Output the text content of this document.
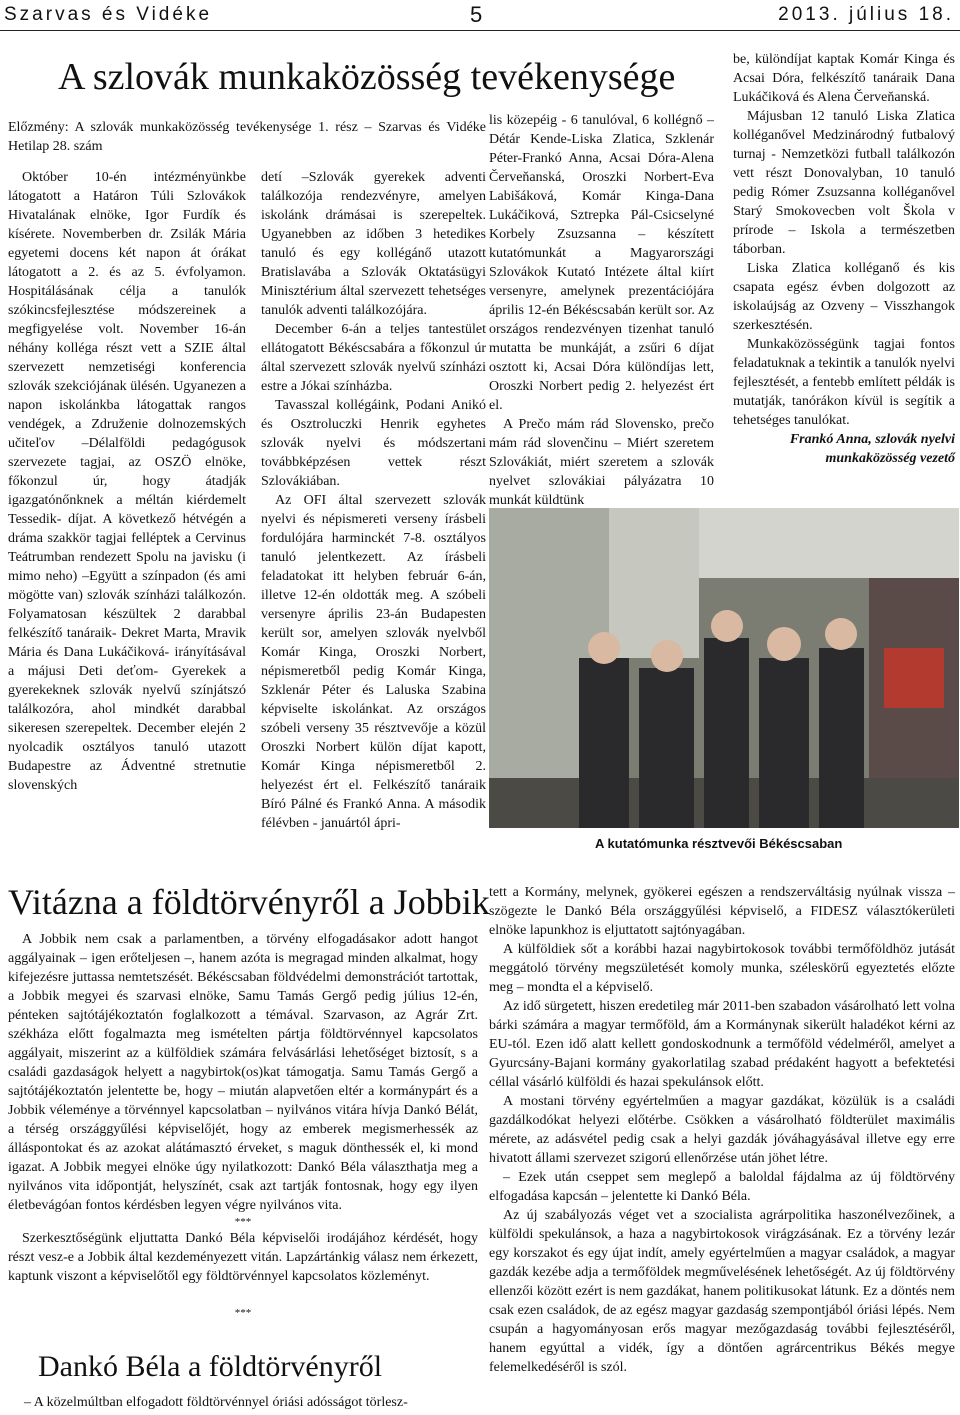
Szarvas és Vidéke	5	2013. július 18.
A szlovák munkaközösség tevékenysége
Előzmény: A szlovák munkaközösség tevékenysége 1. rész – Szarvas és Vidéke Hetilap 28. szám

Október 10-én intézményünkbe látogatott a Határon Túli Szlovákok Hivatalának elnöke, Igor Furdík és kísérete. Novemberben dr. Zsilák Mária egyetemi docens két napon át órákat látogatott a 2. és az 5. évfolyamon. Hospitálásának célja a tanulók szókincsfejlesztése módszereinek a megfigyelése volt. November 16-án néhány kolléga részt vett a SZIE által szervezett nemzetiségi konferencia szlovák szekciójának ülésén. Ugyanezen a napon iskolánkba látogattak rangos vendégek, a Združenie dolnozemských učiteľov –Délalföldi pedagógusok szervezete tagjai, az OSZÖ elnöke, főkonzul úr, hogy átadják igazgatónőnknek a méltán kiérdemelt Tessedik- díjat. A következő hétvégén a dráma szakkör tagjai felléptek a Cervinus Teátrumban rendezett Spolu na javisku (i mimo neho) –Együtt a színpadon (és ami mögötte van) szlovák színházi találkozón. Folyamatosan készültek 2 darabbal felkészítő tanáraik- Dekret Marta, Mravik Mária és Dana Lukáčiková- irányításával a májusi Deti deťom- Gyerekek a gyerekeknek szlovák nyelvű színjátszó találkozóra, ahol mindkét darabbal sikeresen szerepeltek. December elején 2 nyolcadik osztályos tanuló utazott Budapestre az Ádventné stretnutie slovenských

detí –Szlovák gyerekek adventi találkozója rendezvényre, amelyen iskolánk drámásai is szerepeltek. Ugyanebben az időben 3 hetedikes tanuló és egy kollégánő utazott Bratislavába a Szlovák Oktatásügyi Minisztérium által szervezett tehetséges tanulók adventi találkozójára.

December 6-án a teljes tantestület ellátogatott Békéscsabára a főkonzul úr által szervezett szlovák nyelvű színházi estre a Jókai színházba.

Tavasszal kollégáink, Podani Anikó és Osztroluczki Henrik egyhetes szlovák nyelvi és módszertani továbbképzésen vettek részt Szlovákiában.

Az OFI által szervezett szlovák nyelvi és népismereti verseny írásbeli fordulójára harminckét 7-8. osztályos tanuló jelentkezett. Az írásbeli feladatokat itt helyben február 6-án, illetve 12-én oldották meg. A szóbeli versenyre április 23-án Budapesten került sor, amelyen szlovák nyelvből Komár Kinga, Oroszki Norbert, népismeretből pedig Komár Kinga, Szklenár Péter és Laluska Szabina képviselte iskolánkat. Az országos szóbeli verseny 35 résztvevője a közül Oroszki Norbert külön díjat kapott, Komár Kinga népismeretből 2. helyezést ért el. Felkészítő tanáraik Bíró Pálné és Frankó Anna. A második félévben - januártól ápri-

lis közepéig - 6 tanulóval, 6 kollégnő –Détár Kende-Liska Zlatica, Szklenár Péter-Frankó Anna, Acsai Dóra-Alena Červeňanská, Oroszki Norbert-Eva Labišáková, Komár Kinga-Dana Lukáčiková, Sztrepka Pál-Csicselyné Korbely Zsuzsanna – készített kutatómunkát a Magyarországi Szlovákok Kutató Intézete által kiírt versenyre, amelynek prezentációjára április 12-én Békéscsabán került sor. Az országos rendezvényen tizenhat tanuló mutatta be munkáját, a zsűri 6 díjat osztott ki, Acsai Dóra különdíjas lett, Oroszki Norbert pedig 2. helyezést ért el.

A Prečo mám rád Slovensko, prečo mám rád slovenčinu – Miért szeretem Szlovákiát, miért szeretem a szlovák nyelvet szlovákiai pályázatra 10 munkát küldtünk

be, különdíjat kaptak Komár Kinga és Acsai Dóra, felkészítő tanáraik Dana Lukáčiková és Alena Červeňanská.

Májusban 12 tanuló Liska Zlatica kolléganővel Medzinárodný futbalový turnaj - Nemzetközi futball találkozón vett részt Donovalyban, 10 tanuló pedig Rómer Zsuzsanna kolléganővel Starý Smokovecben volt Škola v prírode – Iskola a természetben táborban.

Liska Zlatica kolléganő és kis csapata egész évben dolgozott az iskolaújság az Ozveny – Visszhangok szerkesztésén.

Munkaközösségünk tagjai fontos feladatuknak a tekintik a tanulók nyelvi fejlesztését, a fentebb említett példák is mutatják, tanórákon kívül is segítik a tehetséges tanulókat.

Frankó Anna, szlovák nyelvi

munkaközösség vezető

A kutatómunka résztvevői Békéscsaban
Vitázna a földtörvényről a Jobbik

A Jobbik nem csak a parlamentben, a törvény elfogadásakor adott hangot aggályainak – igen erőteljesen –, hanem azóta is megragad minden alkalmat, hogy kifejezésre juttassa nemtetszését. Békéscsaban földvédelmi demonstrációt tartottak, a Jobbik megyei és szarvasi elnöke, Samu Tamás Gergő pedig július 12-én, pénteken sajtótájékoztatón foglalkozott a témával. Szarvason, az Agrár Zrt. székháza előtt fogalmazta meg ismételten pártja földtörvénnyel kapcsolatos aggályait, miszerint az a külföldiek számára felvásárlási lehetőséget biztosít, s a családi gazdaságok helyett a nagybirtok(os)kat támogatja. Samu Tamás Gergő a sajtótájékoztatón jelentette be, hogy – miután alapvetően eltér a kormánypárt és a Jobbik véleménye a törvénnyel kapcsolatban – nyilvános vitára hívja Dankó Bélát, a térség országgyűlési képviselőjét, hogy az emberek megismerhessék az álláspontokat és az azokat alátámasztó érveket, s maguk dönthessék el, ki mond igazat. A Jobbik megyei elnöke úgy nyilatkozott: Dankó Béla választhatja meg a nyilvános vita időpontját, helyszínét, csak azt tartják fontosnak, hogy egy ilyen életbevágóan fontos kérdésben legyen végre nyilvános vita.

***

Szerkesztőségünk eljuttatta Dankó Béla képviselői irodájához kérdését, hogy részt vesz-e a Jobbik által kezdeményezett vitán. Lapzártánkig válasz nem érkezett, kaptunk viszont a képviselőtől egy földtörvénnyel kapcsolatos közleményt.

***
Dankó Béla a földtörvényről
– A közelmúltban elfogadott földtörvénnyel óriási adósságot törlesz-

tett a Kormány, melynek, gyökerei egészen a rendszerváltásig nyúlnak vissza – szögezte le Dankó Béla országgyűlési képviselő, a FIDESZ választókerületi elnöke lapunkhoz is eljuttatott sajtónyagában.

A külföldiek sőt a korábbi hazai nagybirtokosok további termőföldhöz jutását meggátoló törvény megszületését komoly munka, széleskörű egyeztetés előzte meg – mondta el a képviselő.

Az idő sürgetett, hiszen eredetileg már 2011-ben szabadon vásárolható lett volna bárki számára a magyar termőföld, ám a Kormánynak sikerült haladékot kérni az EU-tól. Ezen idő alatt kellett gondoskodnunk a termőföld védelméről, amelyet a Gyurcsány-Bajani kormány gyakorlatilag szabad prédaként hagyott a befektetési céllal vásárló külföldi és hazai spekulánsok előtt.

A mostani törvény egyértelműen a magyar gazdákat, közülük is a családi gazdálkodókat helyezi előtérbe. Csökken a vásárolható földterület maximális mérete, az adásvétel pedig csak a helyi gazdák jóváhagyásával illetve egy erre hivatott állami szervezet szigorú ellenőrzése után jöhet létre.

– Ezek után cseppet sem meglepő a baloldal fájdalma az új földtörvény elfogadása kapcsán – jelentette ki Dankó Béla.

Az új szabályozás véget vet a szocialista agrárpolitika haszonélvezőinek, a külföldi spekulánsok, a haza a nagybirtokosok virágzásának. Ez a törvény lezár egy korszakot és egy újat indít, amely egyértelműen a magyar családok, a magyar gazdák kezébe adja a termőföldek megművelésének lehetőségét. Az új földtörvény ellenzői között ezért is nem gazdákat, hanem politikusokat látunk. Ez a döntés nem csak ezen családok, de az egész magyar gazdaság szempontjából óriási lépés. Nem csupán a hagyományosan erős magyar mezőgazdaság további fejlesztéséről, hanem egyúttal a vidék, így a döntően agrárcentrikus Békés megye felemelkedéséről is szól.
